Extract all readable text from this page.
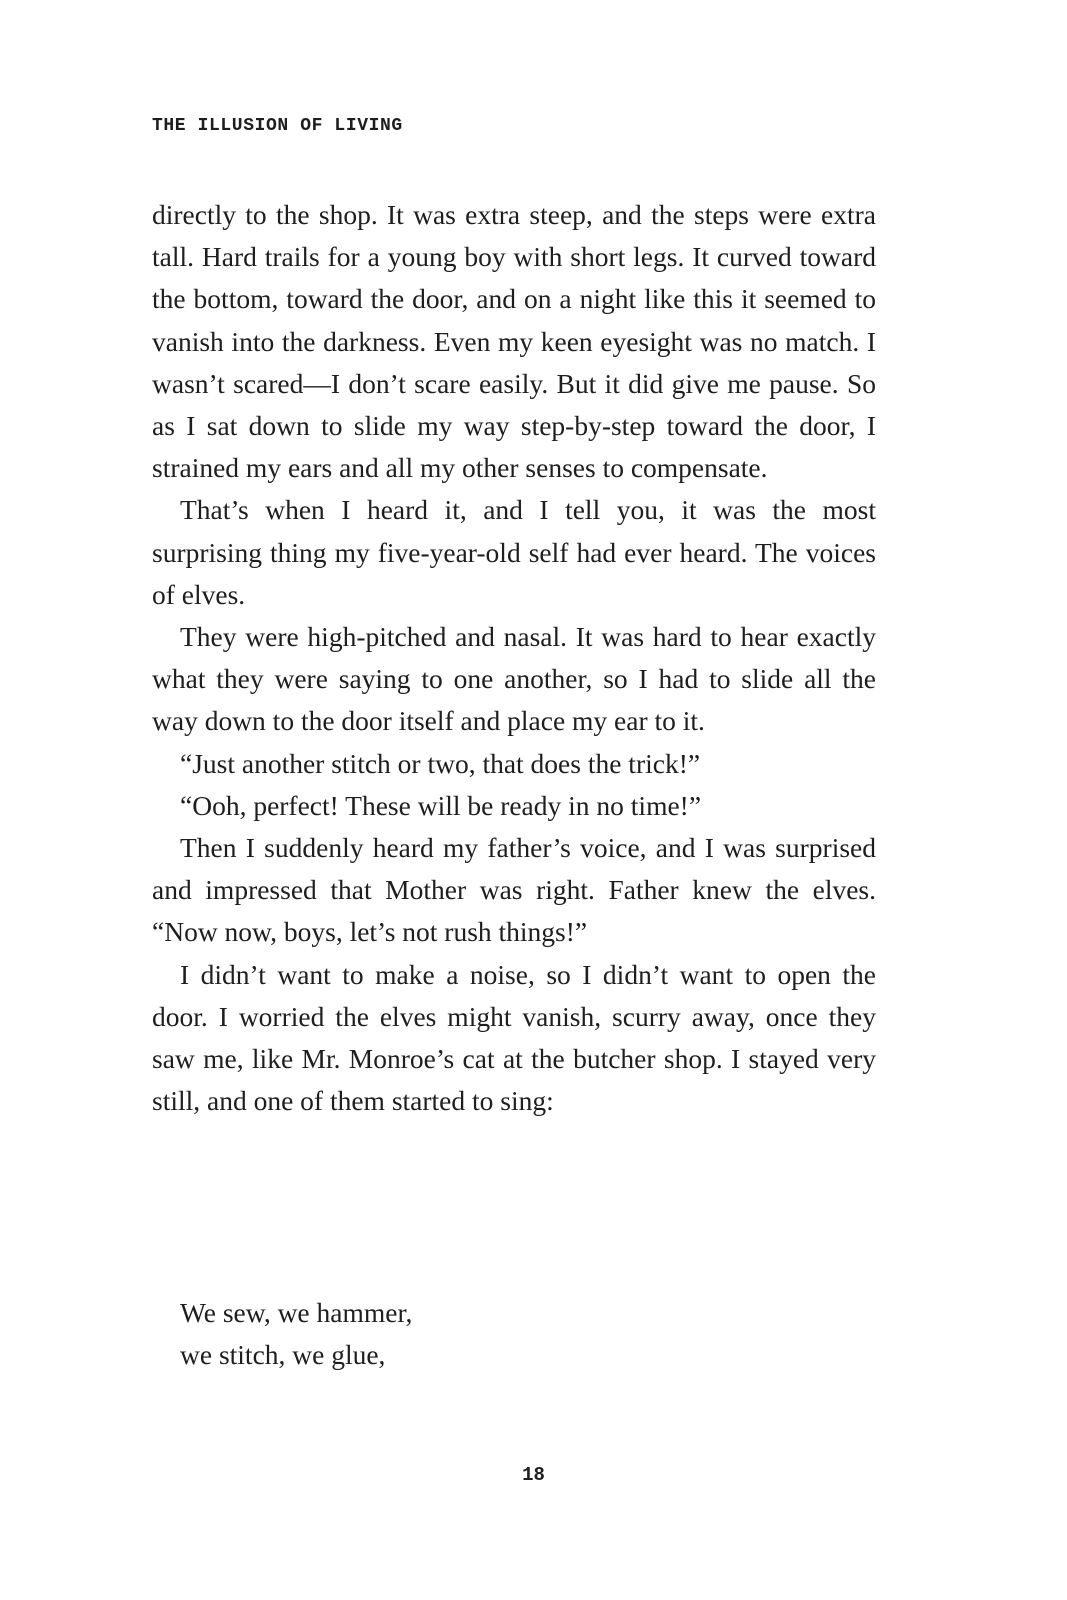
THE ILLUSION OF LIVING

directly to the shop. It was extra steep, and the steps were extra tall. Hard trails for a young boy with short legs. It curved toward the bottom, toward the door, and on a night like this it seemed to vanish into the darkness. Even my keen eyesight was no match. I wasn’t scared—I don’t scare easily. But it did give me pause. So as I sat down to slide my way step-by-step toward the door, I strained my ears and all my other senses to compensate.

That’s when I heard it, and I tell you, it was the most surprising thing my five-year-old self had ever heard. The voices of elves.

They were high-pitched and nasal. It was hard to hear exactly what they were saying to one another, so I had to slide all the way down to the door itself and place my ear to it.

“Just another stitch or two, that does the trick!”

“Ooh, perfect! These will be ready in no time!”

Then I suddenly heard my father’s voice, and I was surprised and impressed that Mother was right. Father knew the elves. “Now now, boys, let’s not rush things!”

I didn’t want to make a noise, so I didn’t want to open the door. I worried the elves might vanish, scurry away, once they saw me, like Mr. Monroe’s cat at the butcher shop. I stayed very still, and one of them started to sing:

We sew, we hammer,
we stitch, we glue,
18
